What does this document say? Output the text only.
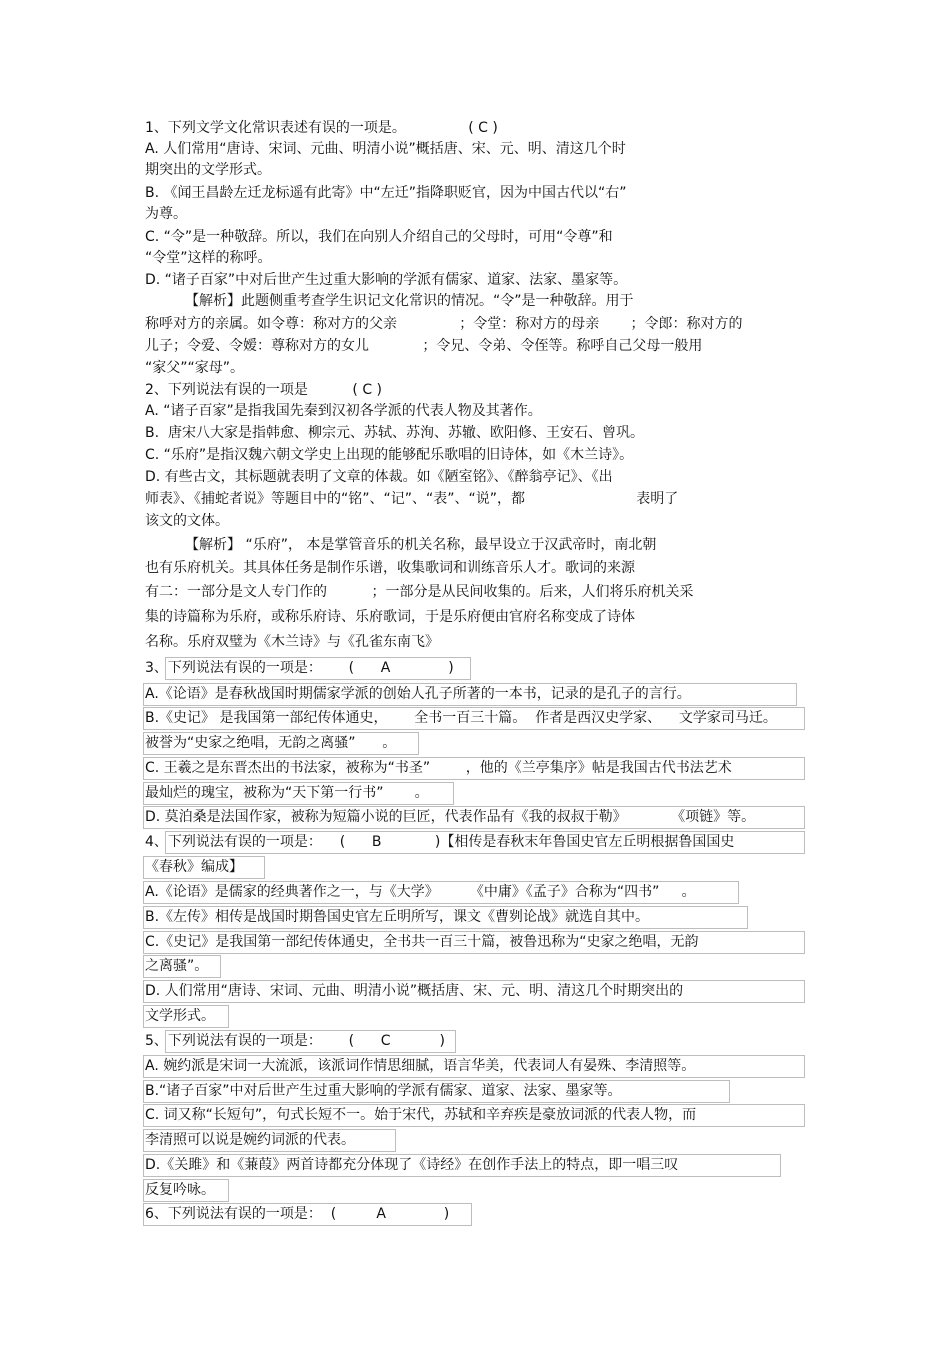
1、下列文学文化常识表述有误的一项是。              ( C )
A. 人们常用“唐诗、宋词、元曲、明清小说”概括唐、宋、元、明、清这几个时
期突出的文学形式。
B. 《闻王昌龄左迁龙标遥有此寄》中“左迁”指降职贬官，因为中国古代以“右”
为尊。
C. “令”是一种敬辞。所以，我们在向别人介绍自己的父母时，可用“令尊”和
“令堂”这样的称呼。
D. “诸子百家”中对后世产生过重大影响的学派有儒家、道家、法家、墨家等。
【解析】此题侧重考查学生识记文化常识的情况。“令”是一种敬辞。用于
称呼对方的亲属。如令尊：称对方的父亲              ；令堂：称对方的母亲       ；令郎：称对方的
儿子；令爱、令嫒：尊称对方的女儿            ；令兄、令弟、令侄等。称呼自己父母一般用
“家父”“家母”。
2、下列说法有误的一项是          ( C )
A. “诸子百家”是指我国先秦到汉初各学派的代表人物及其著作。
B.  唐宋八大家是指韩愈、柳宗元、苏轼、苏洵、苏辙、欧阳修、王安石、曾巩。
C. “乐府”是指汉魏六朝文学史上出现的能够配乐歌唱的旧诗体，如《木兰诗》。
D. 有些古文，其标题就表明了文章的体裁。如《陋室铭》、《醉翁亭记》、《出
师表》、《捕蛇者说》等题目中的“铭”、“记”、“表”、“说”，都                         表明了
该文的文体。
【解析】 “乐府”， 本是掌管音乐的机关名称，最早设立于汉武帝时，南北朝
也有乐府机关。其具体任务是制作乐谱，收集歌词和训练音乐人才。歌词的来源
有二：一部分是文人专门作的          ；一部分是从民间收集的。后来，人们将乐府机关采
集的诗篇称为乐府，或称乐府诗、乐府歌词，于是乐府便由官府名称变成了诗体
名称。乐府双璧为《木兰诗》与《孔雀东南飞》
3、下列说法有误的一项是：      (      A             )
A.《论语》是春秋战国时期儒家学派的创始人孔子所著的一本书，记录的是孔子的言行。
B.《史记》 是我国第一部纪传体通史，      全书一百三十篇。  作者是西汉史学家、    文学家司马迁。
被誉为“史家之绝唱，无韵之离骚”      。
C. 王羲之是东晋杰出的书法家，被称为“书圣”        ，他的《兰亭集序》帖是我国古代书法艺术
最灿烂的瑰宝，被称为“天下第一行书”       。
D. 莫泊桑是法国作家，被称为短篇小说的巨匠，代表作品有《我的叔叔于勒》          《项链》等。
4、下列说法有误的一项是：    (      B            )【相传是春秋末年鲁国史官左丘明根据鲁国国史
《春秋》编成】
A.《论语》是儒家的经典著作之一，与《大学》       《中庸》《孟子》合称为“四书”     。
B.《左传》相传是战国时期鲁国史官左丘明所写，课文《曹刿论战》就选自其中。
C.《史记》是我国第一部纪传体通史，全书共一百三十篇，被鲁迅称为“史家之绝唱，无韵
之离骚”。
D. 人们常用“唐诗、宋词、元曲、明清小说”概括唐、宋、元、明、清这几个时期突出的
文学形式。
5、下列说法有误的一项是：      (      C           )
A. 婉约派是宋词一大流派，该派词作情思细腻，语言华美，代表词人有晏殊、李清照等。
B.“诸子百家”中对后世产生过重大影响的学派有儒家、道家、法家、墨家等。
C. 词又称“长短句”，句式长短不一。始于宋代，苏轼和辛弃疾是豪放词派的代表人物，而
李清照可以说是婉约词派的代表。
D.《关雎》和《蒹葭》两首诗都充分体现了《诗经》在创作手法上的特点，即一唱三叹
反复吟咏。
6、下列说法有误的一项是：  (         A             )
